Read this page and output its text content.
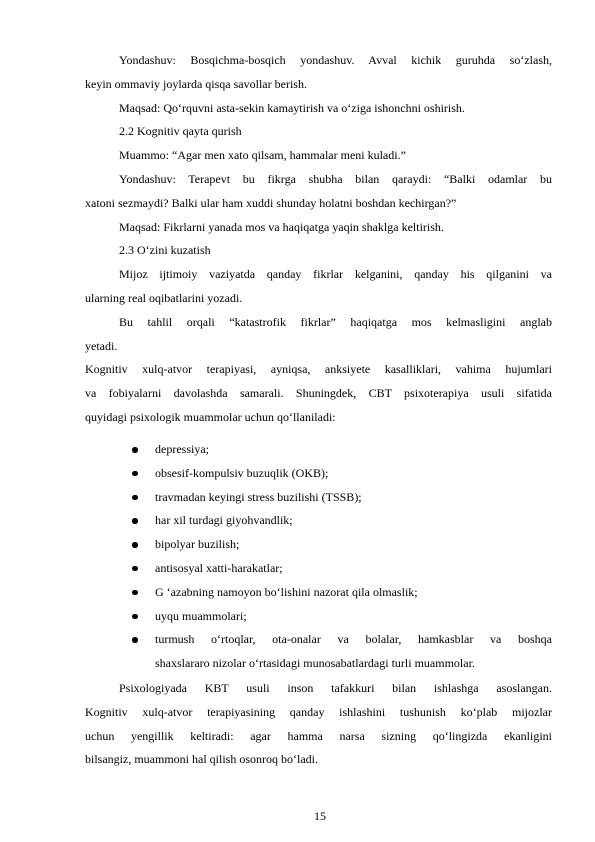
Yondashuv: Bosqichma-bosqich yondashuv. Avval kichik guruhda so‘zlash,
keyin ommaviy joylarda qisqa savollar berish.
Maqsad: Qo‘rquvni asta-sekin kamaytirish va o‘ziga ishonchni oshirish.
2.2 Kognitiv qayta qurish
Muammo: “Agar men xato qilsam, hammalar meni kuladi.”
Yondashuv: Terapevt bu fikrga shubha bilan qaraydi: “Balki odamlar bu
xatoni sezmaydi? Balki ular ham xuddi shunday holatni boshdan kechirgan?”
Maqsad: Fikrlarni yanada mos va haqiqatga yaqin shaklga keltirish.
2.3 O‘zini kuzatish
Mijoz ijtimoiy vaziyatda qanday fikrlar kelganini, qanday his qilganini va
ularning real oqibatlarini yozadi.
Bu tahlil orqali “katastrofik fikrlar” haqiqatga mos kelmasligini anglab
yetadi.
Kognitiv xulq-atvor terapiyasi, ayniqsa, anksiyete kasalliklari, vahima hujumlari
va fobiyalarni davolashda samarali. Shuningdek, CBT psixoterapiya usuli sifatida
quyidagi psixologik muammolar uchun qo‘llaniladi:
depressiya;
obsesif-kompulsiv buzuqlik (OKB);
travmadan keyingi stress buzilishi (TSSB);
har xil turdagi giyohvandlik;
bipolyar buzilish;
antisosyal xatti-harakatlar;
G ‘azabning namoyon bo‘lishini nazorat qila olmaslik;
uyqu muammolari;
turmush o‘rtoqlar, ota-onalar va bolalar, hamkasblar va boshqa
shaxslararo nizolar o‘rtasidagi munosabatlardagi turli muammolar.
Psixologiyada KBT usuli inson tafakkuri bilan ishlashga asoslangan.
Kognitiv xulq-atvor terapiyasining qanday ishlashini tushunish ko‘plab mijozlar
uchun yengillik keltiradi: agar hamma narsa sizning qo‘lingizda ekanligini
bilsangiz, muammoni hal qilish osonroq bo‘ladi.
15
